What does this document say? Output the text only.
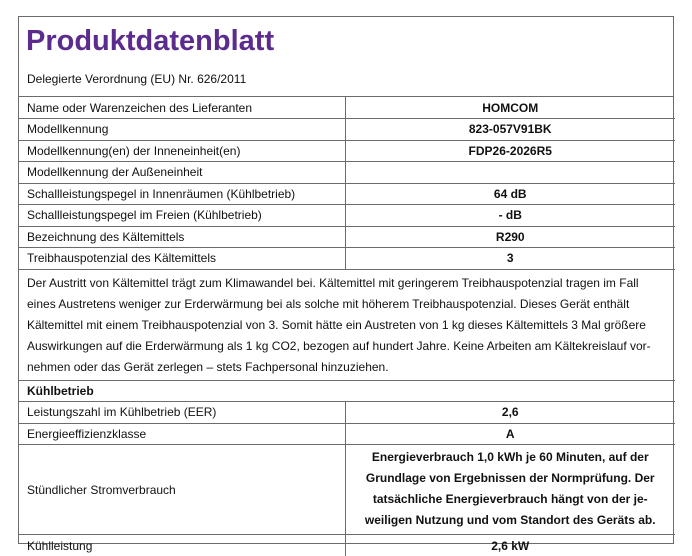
Produktdatenblatt
Delegierte Verordnung (EU) Nr. 626/2011
Name oder Warenzeichen des Lieferanten	HOMCOM
Modellkennung	823-057V91BK
Modellkennung(en) der Inneneinheit(en)	FDP26-2026R5
Modellkennung der Außeneinheit	
Schallleistungspegel in Innenräumen (Kühlbetrieb)	64 dB
Schallleistungspegel im Freien (Kühlbetrieb)	- dB
Bezeichnung des Kältemittels	R290
Treibhauspotenzial des Kältemittels	3

Der Austritt von Kältemittel trägt zum Klimawandel bei. Kältemittel mit geringerem Treibhauspotenzial tragen im Fall
eines Austretens weniger zur Erderwärmung bei als solche mit höherem Treibhauspotenzial. Dieses Gerät enthält
Kältemittel mit einem Treibhauspotenzial von 3. Somit hätte ein Austreten von 1 kg dieses Kältemittels 3 Mal größere
Auswirkungen auf die Erderwärmung als 1 kg CO2, bezogen auf hundert Jahre. Keine Arbeiten am Kältekreislauf vor-
nehmen oder das Gerät zerlegen – stets Fachpersonal hinzuziehen.	

Kühlbetrieb	
Leistungszahl im Kühlbetrieb (EER)	2,6
Energieeffizienzklasse	A
Stündlicher Stromverbrauch	Energieverbrauch 1,0 kWh je 60 Minuten, auf der
Grundlage von Ergebnissen der Normprüfung. Der
tatsächliche Energieverbrauch hängt von der je-
weiligen Nutzung und vom Standort des Geräts ab.

Kühlleistung	2,6 kW
